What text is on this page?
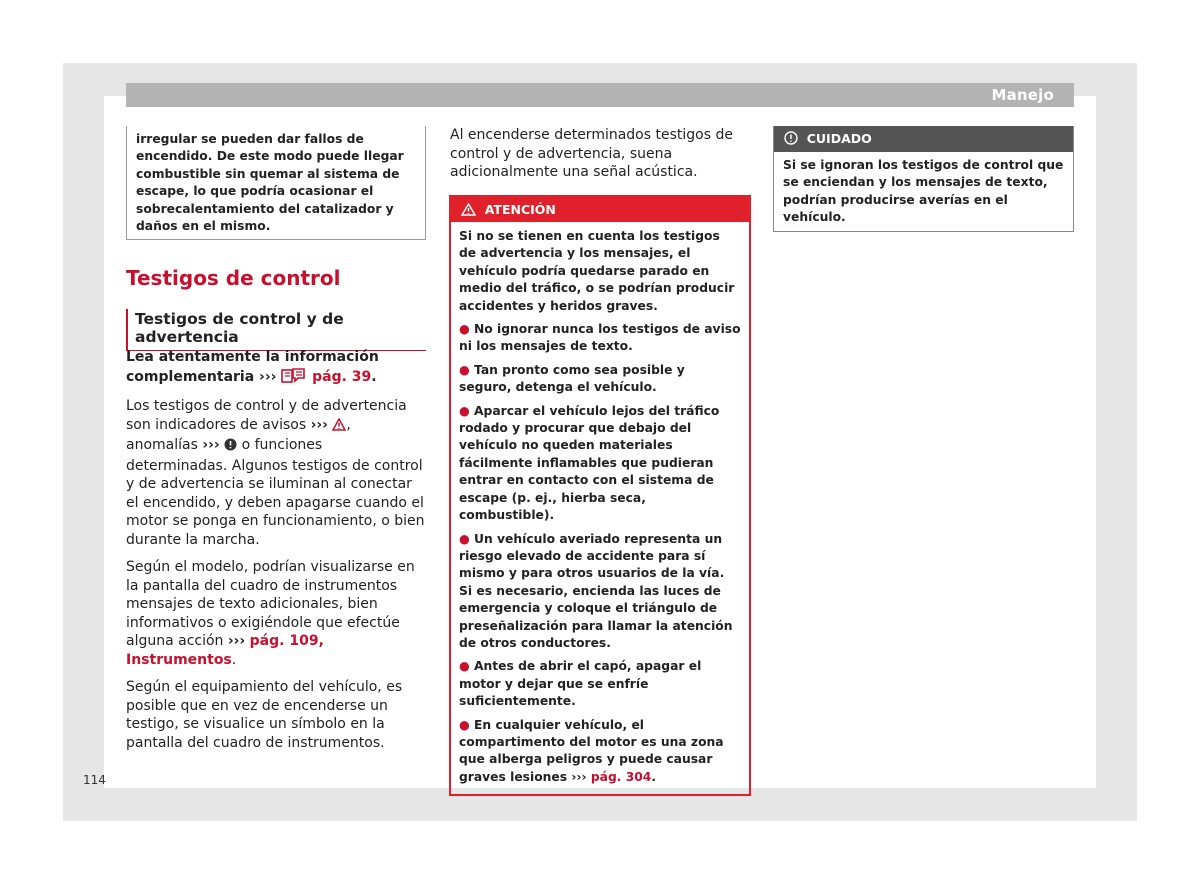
Manejo
irregular se pueden dar fallos de encendido. De este modo puede llegar combustible sin quemar al sistema de escape, lo que podría ocasionar el sobrecalentamiento del catalizador y daños en el mismo.
Testigos de control
Testigos de control y de advertencia

Lea atentamente la información complementaria ›››	pág. 39.

Los testigos de control y de advertencia son indicadores de avisos ››› , anomalías ››› o funciones determinadas. Algunos testigos de control y de advertencia se iluminan al conectar el encendido, y deben apagarse cuando el motor se ponga en funcionamiento, o bien durante la marcha.

Según el modelo, podrían visualizarse en la pantalla del cuadro de instrumentos mensajes de texto adicionales, bien informativos o exigiéndole que efectúe alguna acción ››› pág. 109, Instrumentos.

Según el equipamiento del vehículo, es posible que en vez de encenderse un testigo, se visualice un símbolo en la pantalla del cuadro de instrumentos.

Al encenderse determinados testigos de control y de advertencia, suena adicionalmente una señal acústica.

ATENCIÓN

Si no se tienen en cuenta los testigos de advertencia y los mensajes, el vehículo podría quedarse parado en medio del tráfico, o se podrían producir accidentes y heridos graves.

● No ignorar nunca los testigos de aviso ni los mensajes de texto.

● Tan pronto como sea posible y seguro, detenga el vehículo.

● Aparcar el vehículo lejos del tráfico rodado y procurar que debajo del vehículo no queden materiales fácilmente inflamables que pudieran entrar en contacto con el sistema de escape (p. ej., hierba seca, combustible).

● Un vehículo averiado representa un riesgo elevado de accidente para sí mismo y para otros usuarios de la vía. Si es necesario, encienda las luces de emergencia y coloque el triángulo de preseñalización para llamar la atención de otros conductores.

● Antes de abrir el capó, apagar el motor y dejar que se enfríe suficientemente.

● En cualquier vehículo, el compartimento del motor es una zona que alberga peligros y puede causar graves lesiones ››› pág. 304.

CUIDADO
Si se ignoran los testigos de control que se enciendan y los mensajes de texto, podrían producirse averías en el vehículo.
114
